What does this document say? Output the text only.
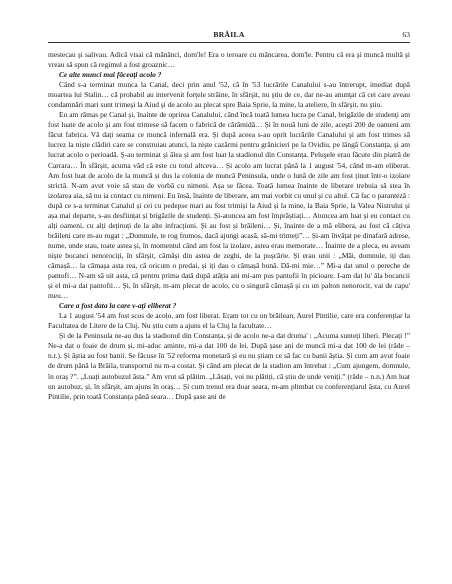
BRĂILA	63

mestecau şi salivau. Adică visai că mănânci, dom'le! Era o teroare cu mâncarea, dom'le. Pentru că era şi muncă multă şi vreau să spun că regimul a fost groaznic…

Ce alte munci mai făceaţi acolo ?

Când s-a terminat munca la Canal, deci prin anul '52, că în '53 lucrările Canalului s-au întrerupt, imediat după moartea lui Stalin… că probabil au intervenit forţele străine, în sfârşit, nu ştiu de ce, dar ne-au anunţat că cei care aveau condamnări mari sunt trimeşi la Aiud şi de acolo au plecat spre Baia Sprie, la mine, la ateliere, în sfârşit, nu ştiu.

Eu am rămas pe Canal şi, înainte de oprirea Canalului, când încă toată lumea lucra pe Canal, brigăzile de studenţi am fost luate de acolo şi am fost trimese să facem o fabrică de cărămidă… Şi în nouă luni de zile, aceşti 200 de oameni am făcut fabrica. Vă dați seama ce muncă infernală era. Şi după aceea s-au oprit lucrările Canalului şi am fost trimes să lucrez la niște clădiri care se construiau atunci, la niște cazărmi pentru grănicieri pe la Ovidiu, pe lângă Constanța, și am lucrat acolo o perioadă. Ş-au terminat și ălea și am fost luat la stadionul din Constanța. Pelușele erau făcute din piatră de Carrara… În sfârșit, acuma văd că este cu totul altceva… Și acolo am lucrat până la 1 august '54, când m-am eliberat. Am fost luat de acolo de la muncă și dus la colonia de muncă Peninsula, unde o lună de zile am fost ținut într-o izolare strictă. N-am avut voie să stau de vorbă cu nimeni. Așa se făcea. Toată lumea înainte de liberare trebuia să stea în izolarea aia, să nu ia contact cu nimeni. Eu însă, înainte de liberare, am mai vorbit cu unul și cu altul. Că fac o paranteză : după ce s-a terminat Canalul și cei cu pedepse mari au fost trimiși la Aiud și la mine, la Baia Sprie, la Valea Nistrului și așa mai departe, s-au desființat și brigăzile de studenți. Și-atuncea am fost împrăștiați… Atuncea am luat și eu contact cu alți oameni, cu alți deținuți de la alte infracțiuni. Și au fost și brăileni… Și, înainte de a mă elibera, au fost că câțiva brăileni care m-au rugat : „Domnule, te rog frumos, dacă ajungi acasă, să-mi trimeți”… Și-am învățat pe dinafară adrese, nume, unde stau, toate astea și, în momentul când am fost la izolare, astea erau memorate… Înainte de a pleca, eu aveam niște bocanci nenorociți, în sfârșit, cămăși din astea de zeghi, de la pușcărie. Și erau unii : „Măi, domnule, iți dau cămașă… la cămașa asta rea, că oricum o predai, și iți dau o cămașă bună. Dă-mi mie…” Mi-a dat unul o pereche de pantofi… N-am să uit asta, că pentru prima dată după atâția ani mi-am pus pantofii în picioare. I-am dat lu' ăla bocancii și el mi-a dat pantofii… Și, în sfârșit, m-am plecat de acolo, cu o singură cămașă și cu un palton nenorocit, vai de capu' meu…

Care a fost data la care v-aţi eliberat ?

La 1 august '54 am fost scos de acolo, am fost liberat. Eram tot cu un brăilean, Aurel Pintilie, care era conferențiar la Facultatea de Litere de la Cluj. Nu știu cum a ajuns el la Cluj la facultate…

Și de la Peninsula ne-au dus la stadionul din Constanța, și de acolo ne-a dat druma' : „Acuma sunteți liberi. Plecați !” Ne-a dat o foaie de drum și, mi-aduc aminte, mi-a dat 100 de lei. După șase ani de muncă mi-a dat 100 de lei (râde – n.r.). Și ăștia au fost banii. Se făcuse în '52 reforma monetară și eu nu știam ce să fac cu banii ăștia. Și cum am avut foaie de drum până la Brăila, transportul nu m-a costat. Și când am plecat de la stadion am întrebat : „Cum ajungem, domnule, în oraș ?”. „Luați autobuzul ăsta.” Am vrut să plătim. „Lăsați, voi nu plătiți, că știu de unde veniți.” (râde – n.n.) Am luat un autobuz, și, în sfârșit, am ajuns în oraș… Și cum trenul era doar seara, m-am plimbat cu conferențiarul ăsta, cu Aurel Pintilie, prin toată Constanța până seara… După șase ani de
